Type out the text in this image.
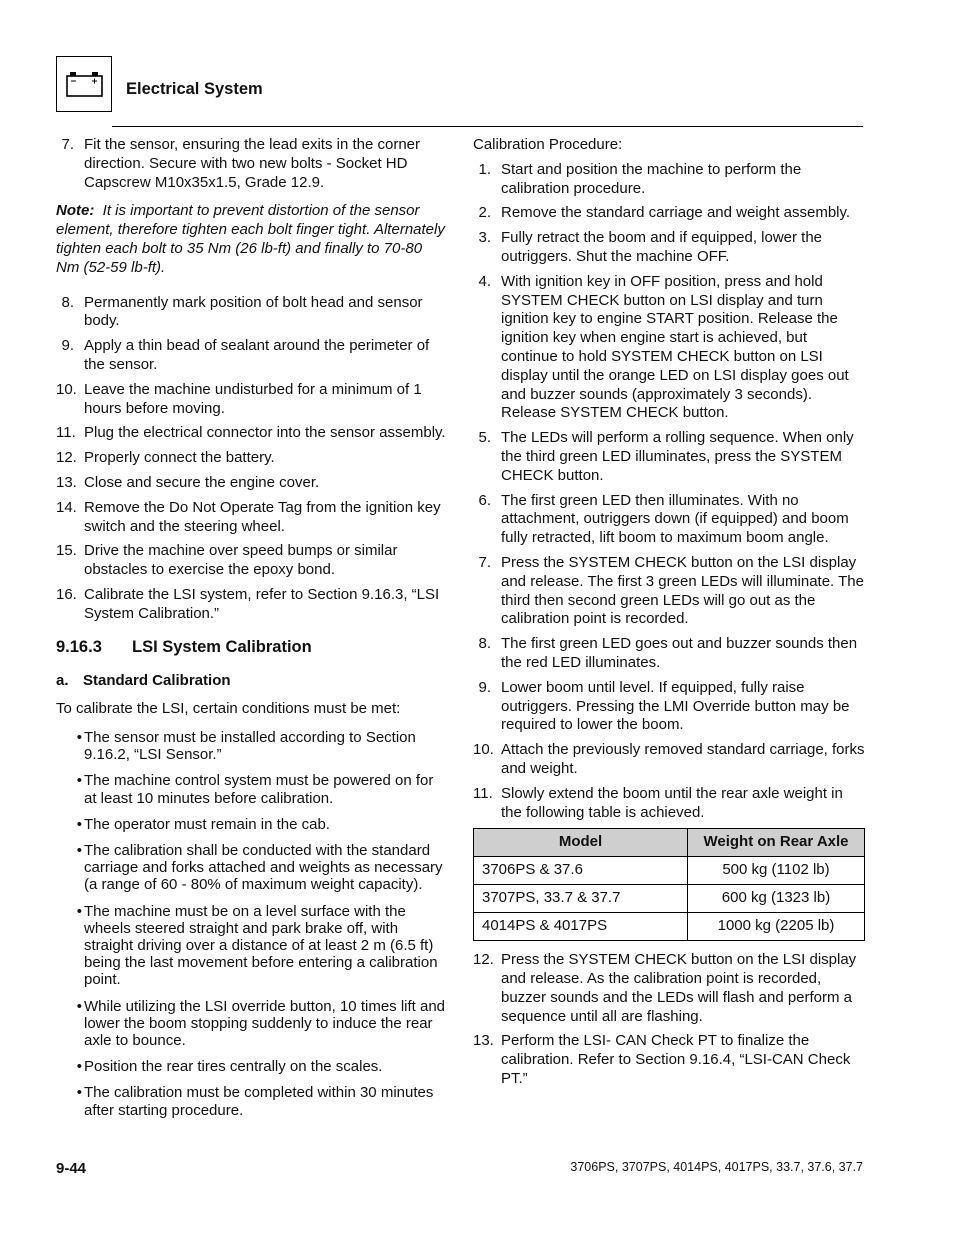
Electrical System
7. Fit the sensor, ensuring the lead exits in the corner direction. Secure with two new bolts - Socket HD Capscrew M10x35x1.5, Grade 12.9.
Note: It is important to prevent distortion of the sensor element, therefore tighten each bolt finger tight. Alternately tighten each bolt to 35 Nm (26 lb-ft) and finally to 70-80 Nm (52-59 lb-ft).
8. Permanently mark position of bolt head and sensor body.
9. Apply a thin bead of sealant around the perimeter of the sensor.
10. Leave the machine undisturbed for a minimum of 1 hours before moving.
11. Plug the electrical connector into the sensor assembly.
12. Properly connect the battery.
13. Close and secure the engine cover.
14. Remove the Do Not Operate Tag from the ignition key switch and the steering wheel.
15. Drive the machine over speed bumps or similar obstacles to exercise the epoxy bond.
16. Calibrate the LSI system, refer to Section 9.16.3, “LSI System Calibration.”
9.16.3 LSI System Calibration
a. Standard Calibration
To calibrate the LSI, certain conditions must be met:
• The sensor must be installed according to Section 9.16.2, “LSI Sensor.”
• The machine control system must be powered on for at least 10 minutes before calibration.
• The operator must remain in the cab.
• The calibration shall be conducted with the standard carriage and forks attached and weights as necessary (a range of 60 - 80% of maximum weight capacity).
• The machine must be on a level surface with the wheels steered straight and park brake off, with straight driving over a distance of at least 2 m (6.5 ft) being the last movement before entering a calibration point.
• While utilizing the LSI override button, 10 times lift and lower the boom stopping suddenly to induce the rear axle to bounce.
• Position the rear tires centrally on the scales.
• The calibration must be completed within 30 minutes after starting procedure.
Calibration Procedure:
1. Start and position the machine to perform the calibration procedure.
2. Remove the standard carriage and weight assembly.
3. Fully retract the boom and if equipped, lower the outriggers. Shut the machine OFF.
4. With ignition key in OFF position, press and hold SYSTEM CHECK button on LSI display and turn ignition key to engine START position. Release the ignition key when engine start is achieved, but continue to hold SYSTEM CHECK button on LSI display until the orange LED on LSI display goes out and buzzer sounds (approximately 3 seconds). Release SYSTEM CHECK button.
5. The LEDs will perform a rolling sequence. When only the third green LED illuminates, press the SYSTEM CHECK button.
6. The first green LED then illuminates. With no attachment, outriggers down (if equipped) and boom fully retracted, lift boom to maximum boom angle.
7. Press the SYSTEM CHECK button on the LSI display and release. The first 3 green LEDs will illuminate. The third then second green LEDs will go out as the calibration point is recorded.
8. The first green LED goes out and buzzer sounds then the red LED illuminates.
9. Lower boom until level. If equipped, fully raise outriggers. Pressing the LMI Override button may be required to lower the boom.
10. Attach the previously removed standard carriage, forks and weight.
11. Slowly extend the boom until the rear axle weight in the following table is achieved.
Model	Weight on Rear Axle
3706PS & 37.6	500 kg (1102 lb)
3707PS, 33.7 & 37.7	600 kg (1323 lb)
4014PS & 4017PS	1000 kg (2205 lb)
12. Press the SYSTEM CHECK button on the LSI display and release. As the calibration point is recorded, buzzer sounds and the LEDs will flash and perform a sequence until all are flashing.
13. Perform the LSI- CAN Check PT to finalize the calibration. Refer to Section 9.16.4, “LSI-CAN Check PT.”
9-44	3706PS, 3707PS, 4014PS, 4017PS, 33.7, 37.6, 37.7
